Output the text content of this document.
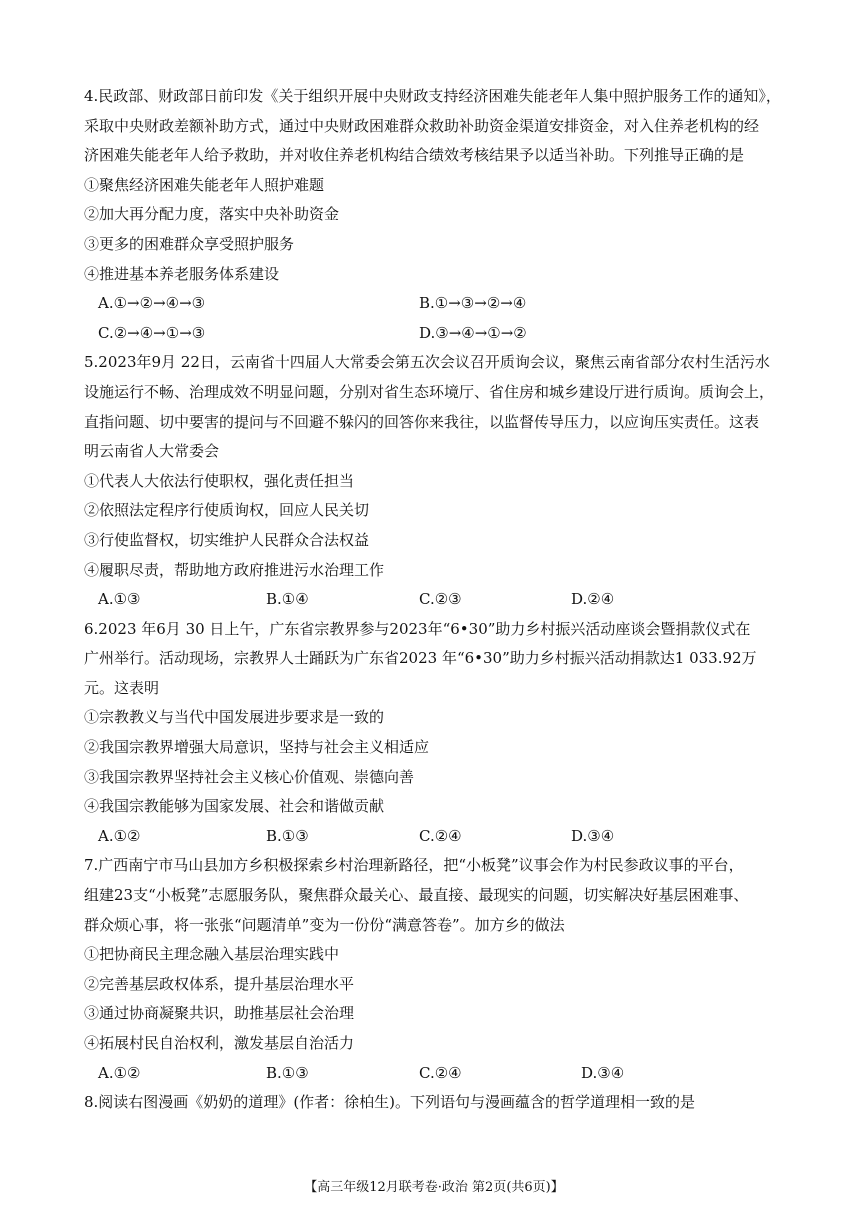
4.民政部、财政部日前印发《关于组织开展中央财政支持经济困难失能老年人集中照护服务工作的通知》，
采取中央财政差额补助方式，通过中央财政困难群众救助补助资金渠道安排资金，对入住养老机构的经
济困难失能老年人给予救助，并对收住养老机构结合绩效考核结果予以适当补助。下列推导正确的是
①聚焦经济困难失能老年人照护难题
②加大再分配力度，落实中央补助资金
③更多的困难群众享受照护服务
④推进基本养老服务体系建设
A.①→②→④→③	B.①→③→②→④
C.②→④→①→③	D.③→④→①→②
5.2023年9月 22日，云南省十四届人大常委会第五次会议召开质询会议，聚焦云南省部分农村生活污水
设施运行不畅、治理成效不明显问题，分别对省生态环境厅、省住房和城乡建设厅进行质询。质询会上，
直指问题、切中要害的提问与不回避不躲闪的回答你来我往，以监督传导压力，以应询压实责任。这表
明云南省人大常委会
①代表人大依法行使职权，强化责任担当
②依照法定程序行使质询权，回应人民关切
③行使监督权，切实维护人民群众合法权益
④履职尽责，帮助地方政府推进污水治理工作
A.①③	B.①④	C.②③	D.②④
6.2023 年6月 30 日上午，广东省宗教界参与2023年“6•30”助力乡村振兴活动座谈会暨捐款仪式在
广州举行。活动现场，宗教界人士踊跃为广东省2023 年“6•30”助力乡村振兴活动捐款达1 033.92万
元。这表明
①宗教教义与当代中国发展进步要求是一致的
②我国宗教界增强大局意识，坚持与社会主义相适应
③我国宗教界坚持社会主义核心价值观、崇德向善
④我国宗教能够为国家发展、社会和谐做贡献
A.①②	B.①③	C.②④	D.③④
7.广西南宁市马山县加方乡积极探索乡村治理新路径，把“小板凳”议事会作为村民参政议事的平台，
组建23支“小板凳”志愿服务队，聚焦群众最关心、最直接、最现实的问题，切实解决好基层困难事、
群众烦心事，将一张张“问题清单”变为一份份“满意答卷”。加方乡的做法
①把协商民主理念融入基层治理实践中
②完善基层政权体系，提升基层治理水平
③通过协商凝聚共识，助推基层社会治理
④拓展村民自治权利，激发基层自治活力
A.①②	B.①③	C.②④	D.③④
8.阅读右图漫画《奶奶的道理》(作者：徐柏生)。下列语句与漫画蕴含的哲学道理相一致的是
【高三年级12月联考卷·政治 第2页(共6页)】
